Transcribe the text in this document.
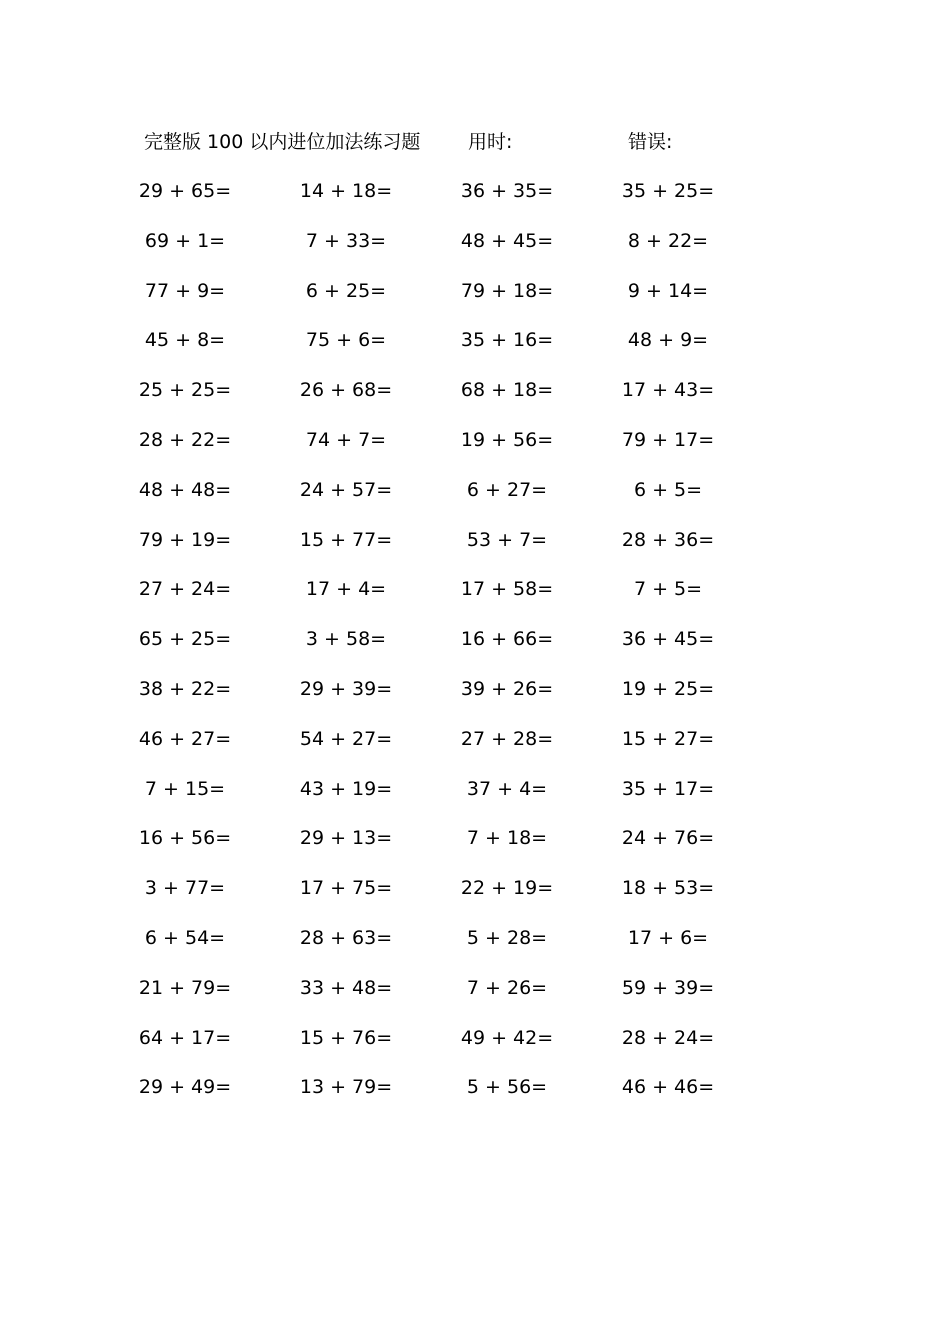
完整版 100 以内进位加法练习题	用时:	错误:
29 + 65=	14 + 18=	36 + 35=	35 + 25=
69 + 1=	7 + 33=	48 + 45=	8 + 22=
77 + 9=	6 + 25=	79 + 18=	9 + 14=
45 + 8=	75 + 6=	35 + 16=	48 + 9=
25 + 25=	26 + 68=	68 + 18=	17 + 43=
28 + 22=	74 + 7=	19 + 56=	79 + 17=
48 + 48=	24 + 57=	6 + 27=	6 + 5=
79 + 19=	15 + 77=	53 + 7=	28 + 36=
27 + 24=	17 + 4=	17 + 58=	7 + 5=
65 + 25=	3 + 58=	16 + 66=	36 + 45=
38 + 22=	29 + 39=	39 + 26=	19 + 25=
46 + 27=	54 + 27=	27 + 28=	15 + 27=
7 + 15=	43 + 19=	37 + 4=	35 + 17=
16 + 56=	29 + 13=	7 + 18=	24 + 76=
3 + 77=	17 + 75=	22 + 19=	18 + 53=
6 + 54=	28 + 63=	5 + 28=	17 + 6=
21 + 79=	33 + 48=	7 + 26=	59 + 39=
64 + 17=	15 + 76=	49 + 42=	28 + 24=
29 + 49=	13 + 79=	5 + 56=	46 + 46=
